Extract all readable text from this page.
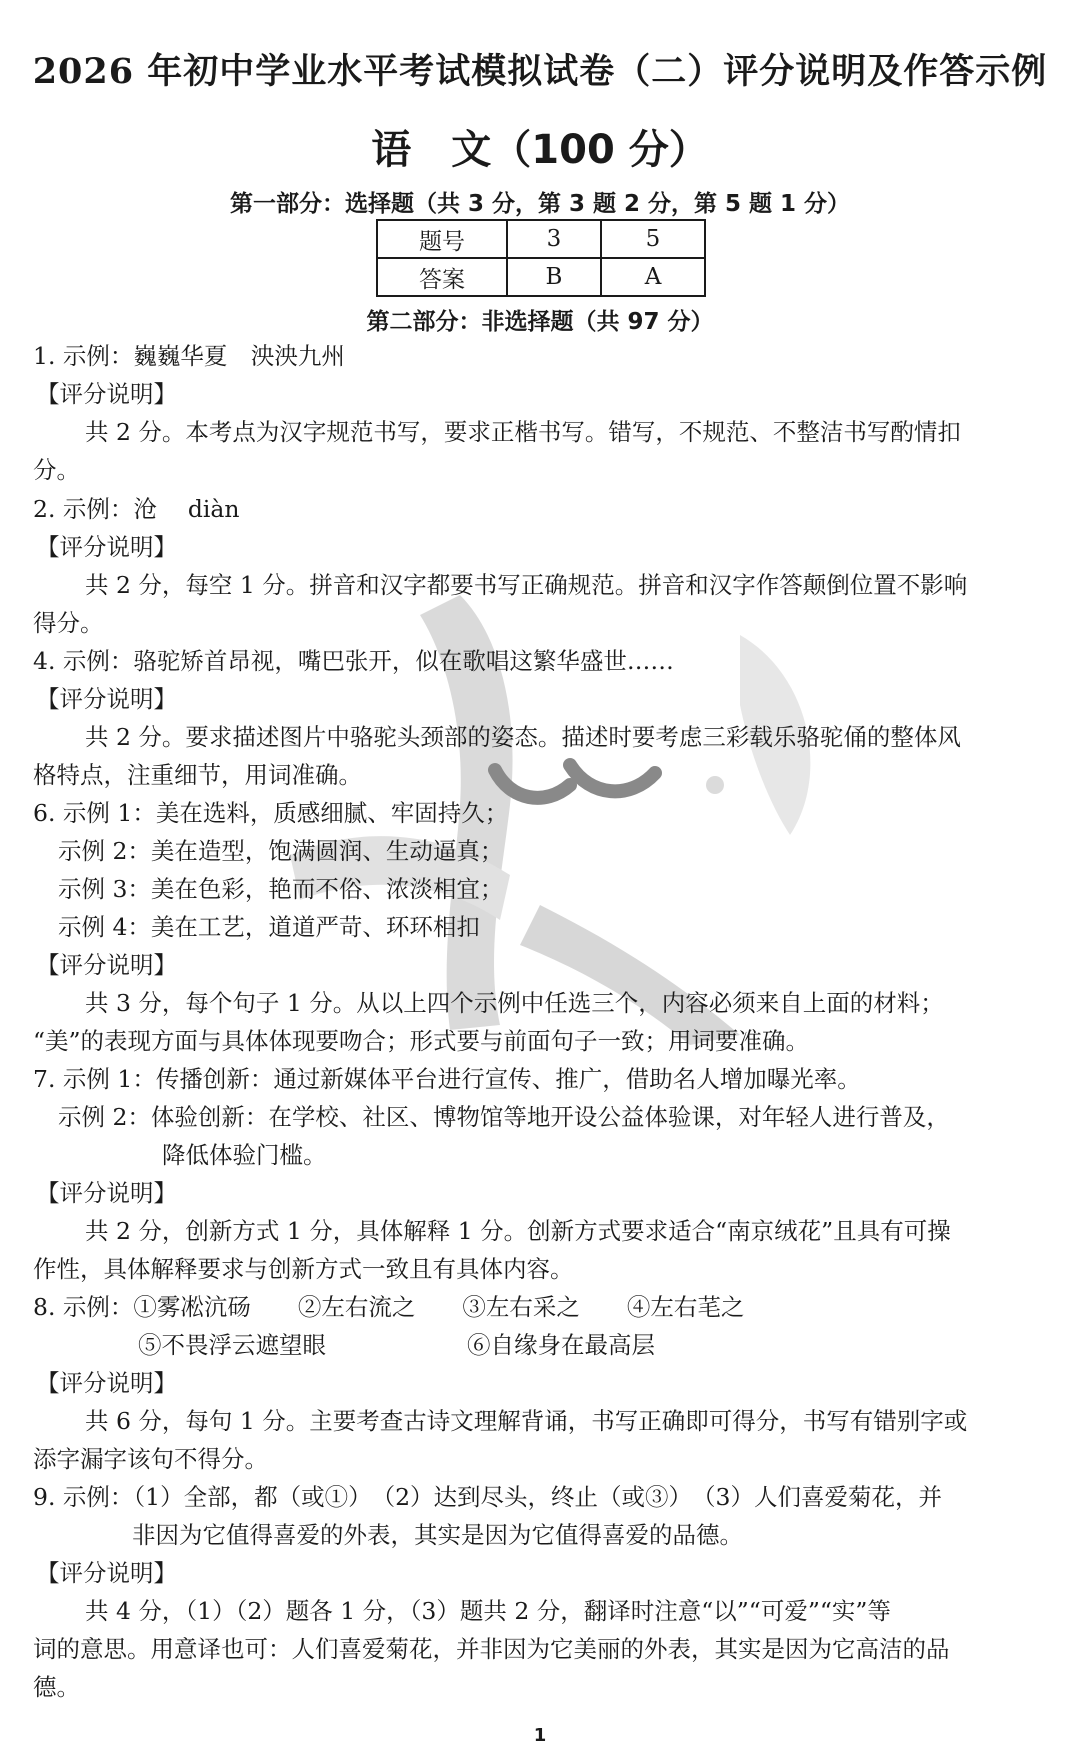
2026 年初中学业水平考试模拟试卷（二）评分说明及作答示例
语　文（100 分）
第一部分：选择题（共 3 分，第 3 题 2 分，第 5 题 1 分）
题号	3	5
答案	B	A
第二部分：非选择题（共 97 分）
1. 示例：巍巍华夏　泱泱九州
【评分说明】
共 2 分。本考点为汉字规范书写，要求正楷书写。错写，不规范、不整洁书写酌情扣
分。
2. 示例：沧　 diàn
【评分说明】
共 2 分，每空 1 分。拼音和汉字都要书写正确规范。拼音和汉字作答颠倒位置不影响
得分。
4. 示例：骆驼矫首昂视，嘴巴张开，似在歌唱这繁华盛世……
【评分说明】
共 2 分。要求描述图片中骆驼头颈部的姿态。描述时要考虑三彩载乐骆驼俑的整体风
格特点，注重细节，用词准确。
6. 示例 1：美在选料，质感细腻、牢固持久；
示例 2：美在造型，饱满圆润、生动逼真；
示例 3：美在色彩，艳而不俗、浓淡相宜；
示例 4：美在工艺，道道严苛、环环相扣
【评分说明】
共 3 分，每个句子 1 分。从以上四个示例中任选三个，内容必须来自上面的材料；
“美”的表现方面与具体体现要吻合；形式要与前面句子一致；用词要准确。
7. 示例 1：传播创新：通过新媒体平台进行宣传、推广，借助名人增加曝光率。
示例 2：体验创新：在学校、社区、博物馆等地开设公益体验课，对年轻人进行普及，
降低体验门槛。
【评分说明】
共 2 分，创新方式 1 分，具体解释 1 分。创新方式要求适合“南京绒花”且具有可操
作性，具体解释要求与创新方式一致且有具体内容。
8. 示例：①雾凇沆砀　　②左右流之　　③左右采之　　④左右芼之
⑤不畏浮云遮望眼　　　　　　⑥自缘身在最高层
【评分说明】
共 6 分，每句 1 分。主要考查古诗文理解背诵，书写正确即可得分，书写有错别字或
添字漏字该句不得分。
9. 示例：（1）全部，都（或①）　（2）达到尽头，终止（或③）　（3）人们喜爱菊花，并
非因为它值得喜爱的外表，其实是因为它值得喜爱的品德。
【评分说明】
共 4 分，（1）（2）题各 1 分，（3）题共 2 分，翻译时注意“以”“可爱”“实”等
词的意思。用意译也可：人们喜爱菊花，并非因为它美丽的外表，其实是因为它高洁的品
德。
1
